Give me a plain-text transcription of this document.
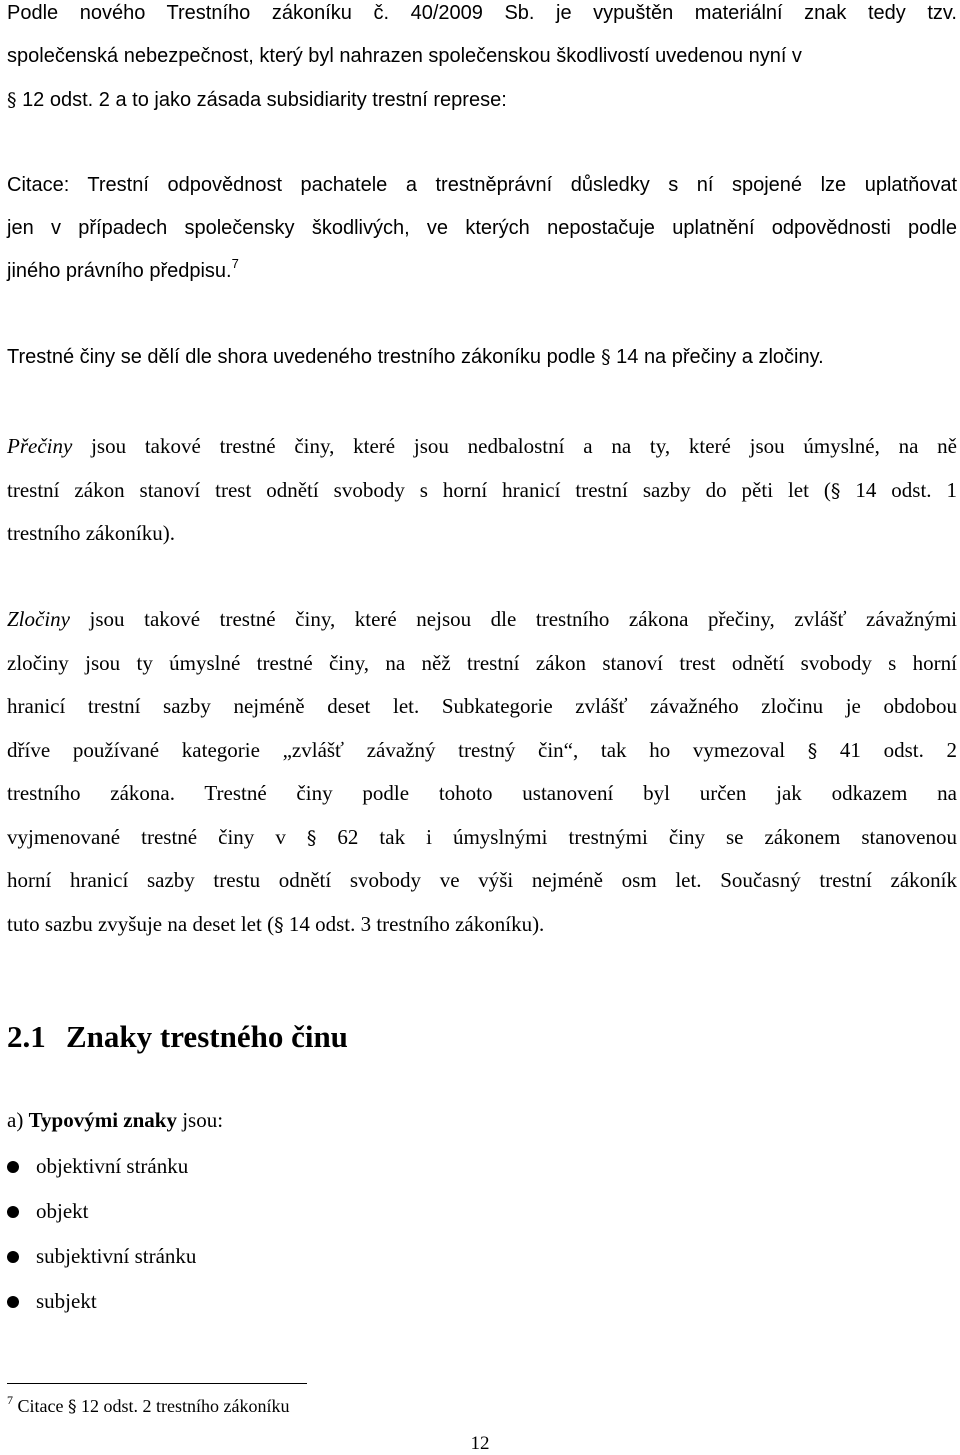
Podle nového Trestního zákoníku č. 40/2009 Sb. je vypuštěn materiální znak tedy tzv.
společenská nebezpečnost, který byl nahrazen společenskou škodlivostí uvedenou nyní v
§ 12 odst. 2 a to jako zásada subsidiarity trestní represe:
Citace: Trestní odpovědnost pachatele a trestněprávní důsledky s ní spojené lze uplatňovat
jen v případech společensky škodlivých, ve kterých nepostačuje uplatnění odpovědnosti podle
jiného právního předpisu.$^7$
Trestné činy se dělí dle shora uvedeného trestního zákoníku podle § 14 na přečiny a zločiny.
Přečiny jsou takové trestné činy, které jsou nedbalostní a na ty, které jsou úmyslné, na ně
trestní zákon stanoví trest odnětí svobody s horní hranicí trestní sazby do pěti let (§ 14 odst. 1
trestního zákoníku).
Zločiny jsou takové trestné činy, které nejsou dle trestního zákona přečiny, zvlášť závažnými
zločiny jsou ty úmyslné trestné činy, na něž trestní zákon stanoví trest odnětí svobody s horní
hranicí trestní sazby nejméně deset let. Subkategorie zvlášť závažného zločinu je obdobou
dříve používané kategorie „zvlášť závažný trestný čin“, tak ho vymezoval § 41 odst. 2
trestního zákona. Trestné činy podle tohoto ustanovení byl určen jak odkazem na
vyjmenované trestné činy v § 62 tak i úmyslnými trestnými činy se zákonem stanovenou
horní hranicí sazby trestu odnětí svobody ve výši nejméně osm let. Současný trestní zákoník
tuto sazbu zvyšuje na deset let (§ 14 odst. 3 trestního zákoníku).
2.1 Znaky trestného činu
a) Typovými znaky jsou:
objektivní stránku
objekt
subjektivní stránku
subjekt
$^7$ Citace § 12 odst. 2 trestního zákoníku
12
